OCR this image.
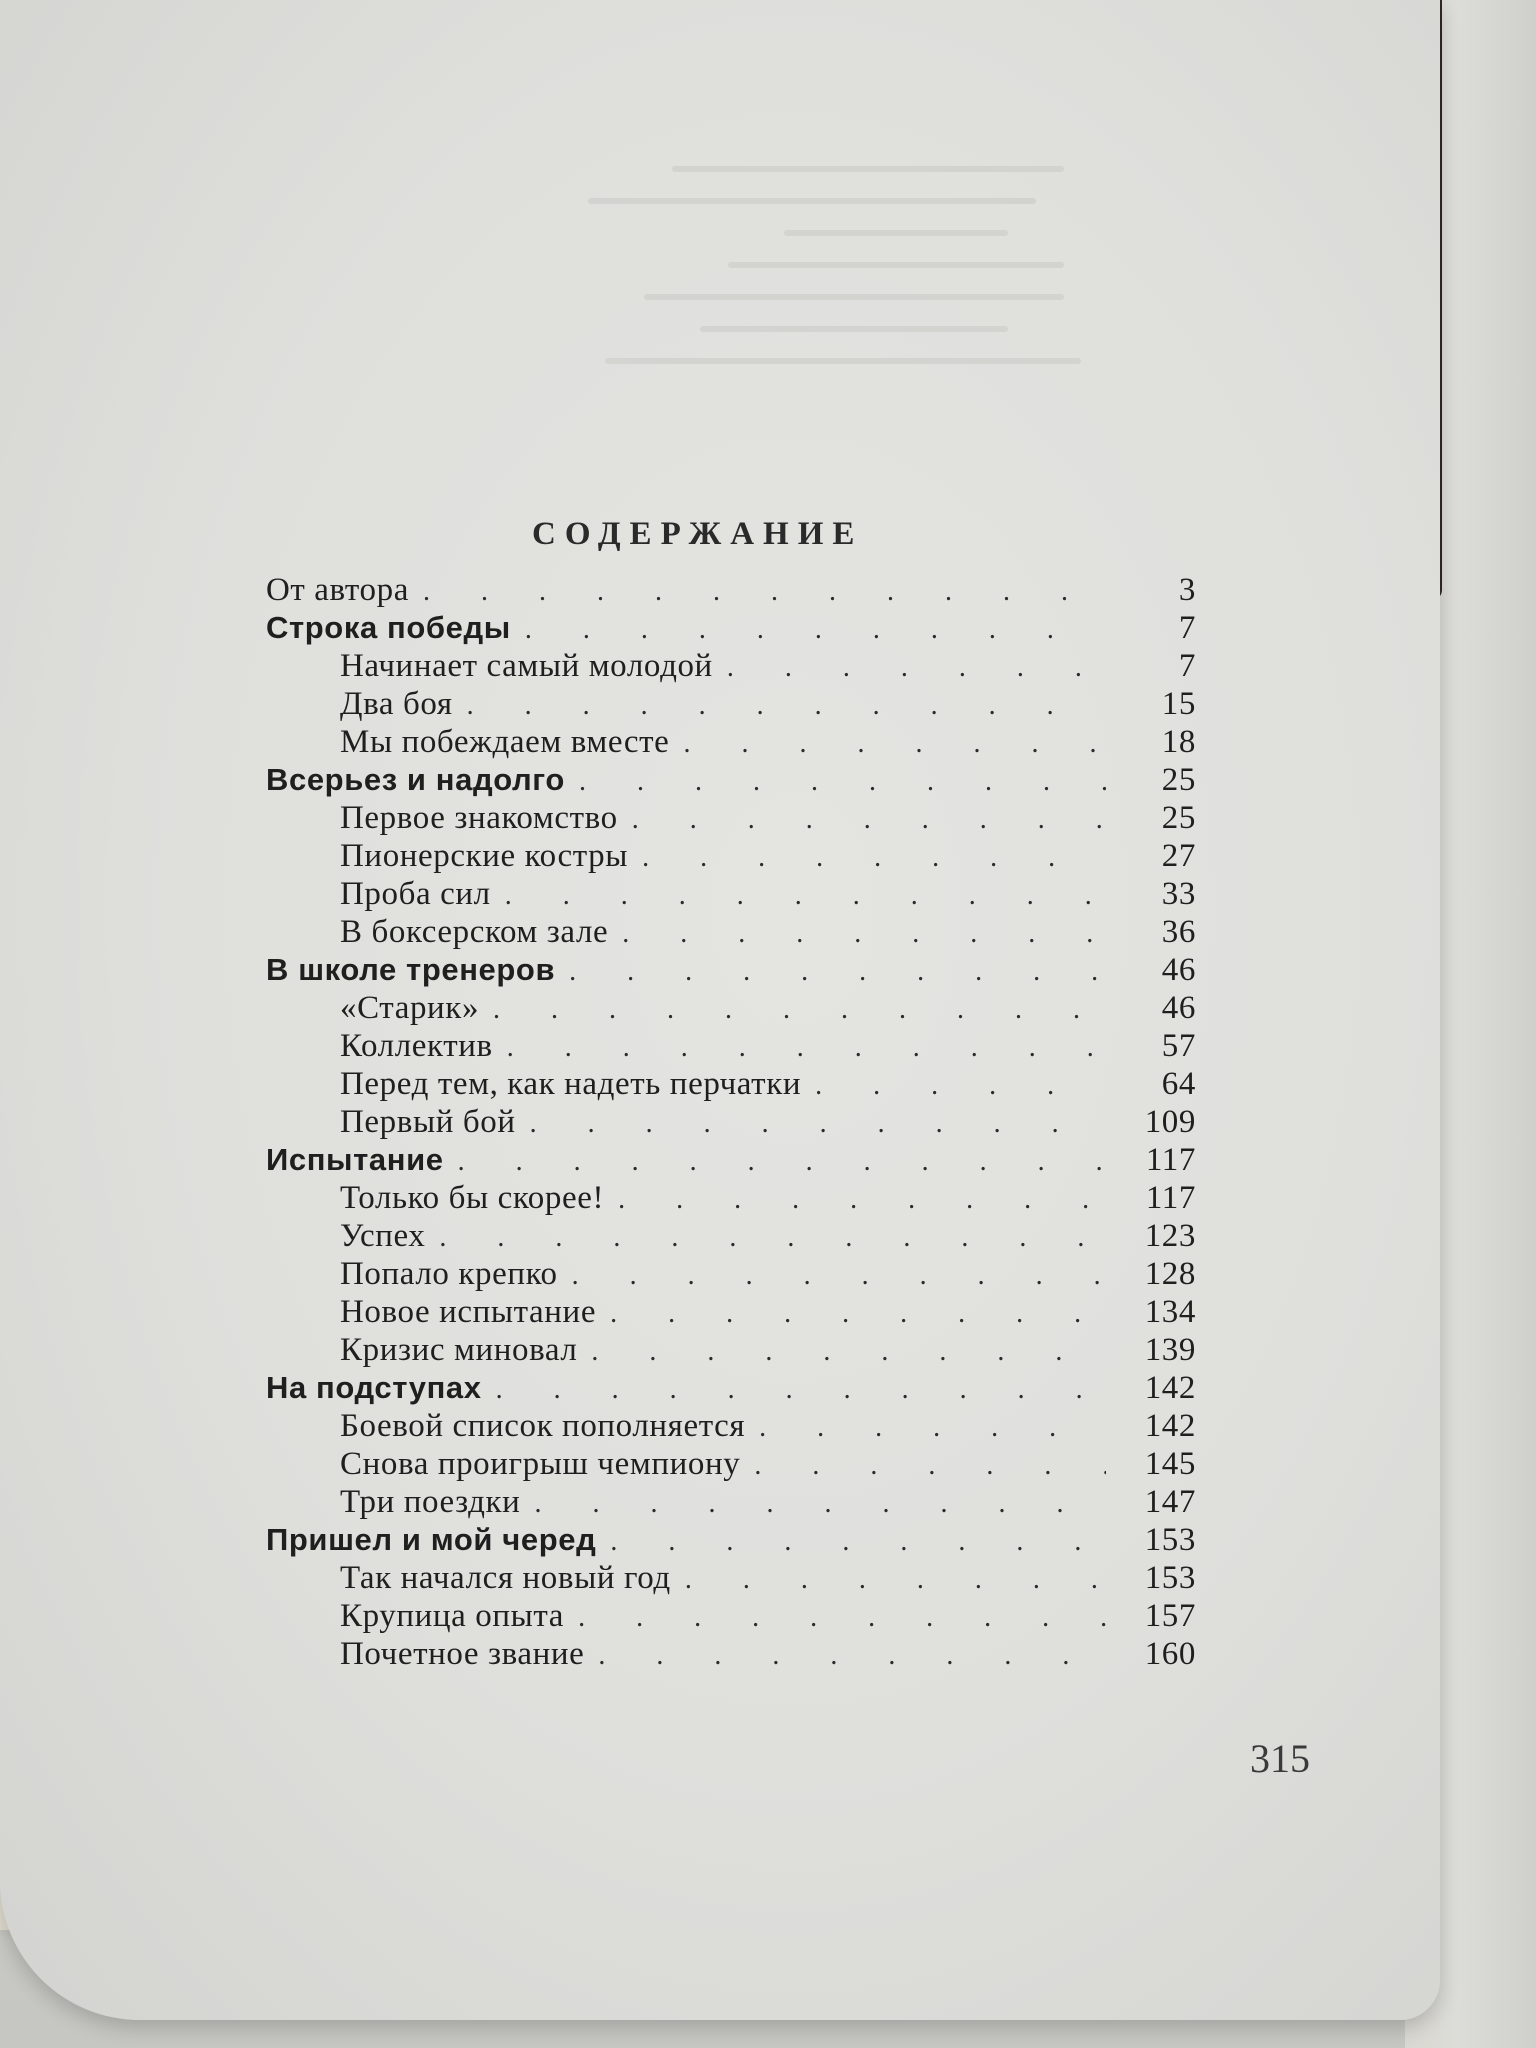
СОДЕРЖАНИЕ
От автора . . .	3
Строка победы . . .	7
Начинает самый молодой . . .	7
Два боя . . .	15
Мы побеждаем вместе . . .	18
Всерьез и надолго . . .	25
Первое знакомство . . .	25
Пионерские костры . . .	27
Проба сил . . .	33
В боксерском зале . . .	36
В школе тренеров . . .	46
«Старик» . . .	46
Коллектив . . .	57
Перед тем, как надеть перчатки . . .	64
Первый бой . . .	109
Испытание . . .	117
Только бы скорее! . . .	117
Успех . . .	123
Попало крепко . . .	128
Новое испытание . . .	134
Кризис миновал . . .	139
На подступах . . .	142
Боевой список пополняется . . .	142
Снова проигрыш чемпиону . . .	145
Три поездки . . .	147
Пришел и мой черед . . .	153
Так начался новый год . . .	153
Крупица опыта . . .	157
Почетное звание . . .	160
315
